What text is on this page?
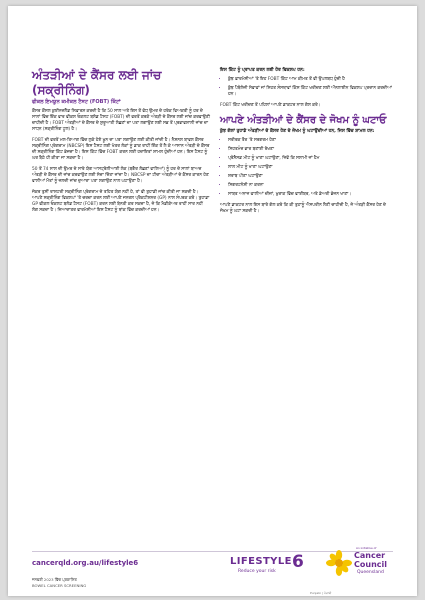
ਅੰਤੜੀਆਂ ਦੇ ਕੈਂਸਰ ਲਈ ਜਾਂਚ (ਸਕ੍ਰੀਨਿੰਗ)
ਫੀਕਲ ਇਮਯੂਨ ਕਮੀਕਲ ਟੈਸਟ (FOBT) ਕਿੱਟਾਂ

ਕੈਂਸਰ ਕੌਂਸਲ ਕੁਈਨਜ਼ਲੈਂਡ ਸਿਫ਼ਾਰਸ਼ ਕਰਦੀ ਹੈ ਕਿ 50 ਸਾਲ ਅਤੇ ਇਸ ਤੋਂ ਵੱਧ ਉਮਰ ਦੇ ਹਰੇਕ ਵਿਅਕਤੀ ਨੂੰ ਹਰ ਦੋ ਸਾਲਾਂ ਵਿੱਚ ਇੱਕ ਵਾਰ ਫੀਕਲ ਓਕਲਟ ਬਲੱਡ ਟੈਸਟ (FOBT) ਦੀ ਵਰਤੋਂ ਕਰਕੇ ਅੰਤੜੀ ਦੇ ਕੈਂਸਰ ਲਈ ਜਾਂਚ ਕਰਵਾਉਣੀ ਚਾਹੀਦੀ ਹੈ। FOBT ਅੰਤੜੀਆਂ ਦੇ ਕੈਂਸਰ ਦੇ ਸ਼ੁਰੂਆਤੀ ਲੱਛਣਾਂ ਦਾ ਪਤਾ ਲਗਾਉਣ ਲਈ ਸਭ ਤੋਂ ਪ੍ਰਭਾਵਸ਼ਾਲੀ ਜਾਂਚ ਦਾ ਸਾਧਨ (ਸਕ੍ਰੀਨਿੰਗ ਟੂਲ) ਹੈ।

FOBT ਦੀ ਵਰਤੋਂ ਮਲ-ਤਿਆਗ ਵਿੱਚ ਲੁਕੇ ਹੋਏ ਖ਼ੂਨ ਦਾ ਪਤਾ ਲਗਾਉਣ ਲਈ ਕੀਤੀ ਜਾਂਦੀ ਹੈ। ਨੈਸ਼ਨਲ ਬਾਵਲ ਕੈਂਸਰ ਸਕ੍ਰੀਨਿੰਗ ਪ੍ਰੋਗਰਾਮ (NBCSP) ਇਸ ਟੈਸਟ ਲਈ ਖੇਤਰ ਲੋਕਾਂ ਨੂੰ ਡਾਕ ਰਾਹੀਂ ਇੱਕ ਤੋਂ ਲੈ ਕੇ ਆਸਾਨ ਅੰਤੜੀ ਦੇ ਕੈਂਸਰ ਦੀ ਸਕ੍ਰੀਨਿੰਗ ਕਿੱਟ ਭੇਜਦਾ ਹੈ। ਇਸ ਕਿੱਟ ਵਿੱਚ FOBT ਕਰਨ ਲਈ ਹਦਾਇਤਾਂ ਸ਼ਾਮਲ ਹੁੰਦੀਆਂ ਹਨ। ਇਸ ਟੈਸਟ ਨੂੰ ਘਰ ਬੈਠੇ ਹੀ ਕੀਤਾ ਜਾ ਸਕਦਾ ਹੈ।

50 ਤੋਂ 74 ਸਾਲ ਦੀ ਉਮਰ ਦੇ ਸਾਰੇ ਯੋਗ ਆਸਟ੍ਰੇਲੀਆਈ ਲੋਕ (ਬਗੈਰ ਲੱਛਣਾਂ ਵਾਲਿਆਂ) ਨੂੰ ਹਰ ਦੋ ਸਾਲਾਂ ਬਾਅਦ ਅੰਤੜੀ ਦੇ ਕੈਂਸਰ ਦੀ ਜਾਂਚ ਕਰਵਾਉਣ ਲਈ ਸੱਦਾ ਦਿੱਤਾ ਜਾਂਦਾ ਹੈ। NBCSP ਦਾ ਟੀਚਾ ਅੰਤੜੀਆਂ ਦੇ ਕੈਂਸਰ ਕਾਰਨ ਹੋਣ ਵਾਲੀਆਂ ਮੌਤਾਂ ਨੂੰ ਜਲਦੀ ਜਾਂਚ ਦੁਆਰਾ ਪਤਾ ਲਗਾਉਣ ਨਾਲ ਘਟਾਉਣਾ ਹੈ।

ਜੇਕਰ ਤੁਸੀਂ ਰਾਸ਼ਟਰੀ ਸਕ੍ਰੀਨਿੰਗ ਪ੍ਰੋਗਰਾਮ ਦੇ ਤਹਿਤ ਯੋਗ ਨਹੀਂ ਹੋ, ਤਾਂ ਵੀ ਤੁਹਾਡੀ ਜਾਂਚ ਕੀਤੀ ਜਾ ਸਕਦੀ ਹੈ। ਆਪਣੇ ਸਕ੍ਰੀਨਿੰਗ ਵਿਕਲਪਾਂ 'ਤੇ ਚਰਚਾ ਕਰਨ ਲਈ ਆਪਣੇ ਜਨਰਲ ਪ੍ਰੈਕਟੀਸ਼ਨਰ (GP) ਨਾਲ ਸੰਪਰਕ ਕਰੋ। ਤੁਹਾਡਾ GP ਫੀਕਲ ਓਕਲਟ ਬਲੱਡ ਟੈਸਟ (FOBT) ਕਰਨ ਲਈ ਬੇਨਤੀ ਕਰ ਸਕਦਾ ਹੈ, ਜੋ ਕਿ ਮੈਡੀਕੇਅਰ ਰਾਹੀਂ ਸਾਰ ਨਹੀਂ ਲੱਗ ਸਕਦਾ ਹੈ। ਜ਼ਿਆਦਾਤਰ ਫਾਰਮੇਸੀਆਂ ਇਸ ਟੈਸਟ ਨੂੰ ਥਾਂਕ ਵਿੱਚ ਕਰਦੀਆਂ ਹਨ।

ਇਸ ਕਿੱਟ ਨੂੰ ਪ੍ਰਾਪਤ ਕਰਨ ਲਈ ਹੋਰ ਵਿਕਲਪ ਹਨ:
• ਕੁੱਝ ਫ਼ਾਰਮੇਸੀਆਂ 'ਤੇ ਇਹ FOBT ਕਿੱਟ ਆਮ ਕੀਮਤ ਤੋਂ ਵੀ ਉਪਲਬਧ ਹੁੰਦੀ ਹੈ
• ਕੁੱਝ ਪੈਥੋਲੋਜੀ ਸੇਵਾਵਾਂ ਜਾਂ ਸਿਹਤ ਸੰਸਥਾਵਾਂ ਕਿੱਸ ਕਿੱਟ ਖਰੀਦਣ ਲਈ ਔਨਲਾਈਨ ਵਿਕਲਪ ਪ੍ਰਦਾਨ ਕਰਦੀਆਂ ਹਨ।

FOBT ਕਿੱਟ ਖਰੀਦਣ ਤੋਂ ਪਹਿਲਾਂ ਆਪਣੇ ਡਾਕਟਰ ਨਾਲ ਗੱਲ ਕਰੋ।

ਆਪਣੇ ਅੰਤੜੀਆਂ ਦੇ ਕੈਂਸਰ ਦੇ ਜੋਖਮ ਨੂੰ ਘਟਾਓ
ਕੁੱਝ ਗੱਲਾਂ ਤੁਹਾਡੇ ਅੰਤੜੀਆਂ ਦੇ ਕੈਂਸਰ ਹੋਣ ਦੇ ਜੋਖਮ ਨੂੰ ਘਟਾਉਂਦੀਆਂ ਹਨ, ਜਿਸ ਵਿੱਚ ਸ਼ਾਮਲ ਹਨ:
• ਸਰੀਰਕ ਤੌਰ 'ਤੇ ਸਰਗਰਮ ਹੋਣਾ
• ਸਿਹਤਮੰਦ ਭਾਰ ਬਣਾਈ ਰੱਖਣਾ
• ਪ੍ਰੋਸੈਸਡ ਮੀਟ ਨੂੰ ਖਾਣਾ ਘਟਾਉਣਾ, ਜਿਵੇਂ ਕਿ ਸਲਾਮੀ ਜਾਂ ਹੈਮ
• ਲਾਲ ਮੀਟ ਨੂੰ ਖਾਣਾ ਘਟਾਉਣਾ
• ਸ਼ਰਾਬ ਪੀਣਾ ਘਟਾਉਣਾ
• ਸਿਗਰਟਨੋਸ਼ੀ ਨਾ ਕਰਨਾ
• ਸਾਬਤ ਅਨਾਜ ਵਾਲੀਆਂ ਚੀਜ਼ਾਂ, ਖ਼ੁਰਾਕ ਵਿੱਚ ਫਾਈਬਰ, ਅਤੇ ਡੇਅਰੀ ਭੋਜਨ ਖਾਣਾ।

ਆਪਣੇ ਡਾਕਟਰ ਨਾਲ ਇਸ ਬਾਰੇ ਗੱਲ ਕਰੋ ਕਿ ਕੀ ਤੁਹਾਨੂੰ ਐਸਪਰੀਨ ਲੈਣੀ ਚਾਹੀਦੀ ਹੈ, ਜੋ ਅੰਤੜੀ ਕੈਂਸਰ ਹੋਣ ਦੇ ਜੋਖਮ ਨੂੰ ਘਟਾ ਸਕਦੀ ਹੈ।

cancerqld.org.au/lifestyle6
ਜਨਵਰੀ 2023 ਵਿੱਚ ਪ੍ਰਕਾਸ਼ਿਤ
BOWEL CANCER SCREENING
LIFESTYLE 6
Reduce your risk
An initiative of
Cancer
Council
Queensland
Punjabi | ਪੰਜਾਬੀ
